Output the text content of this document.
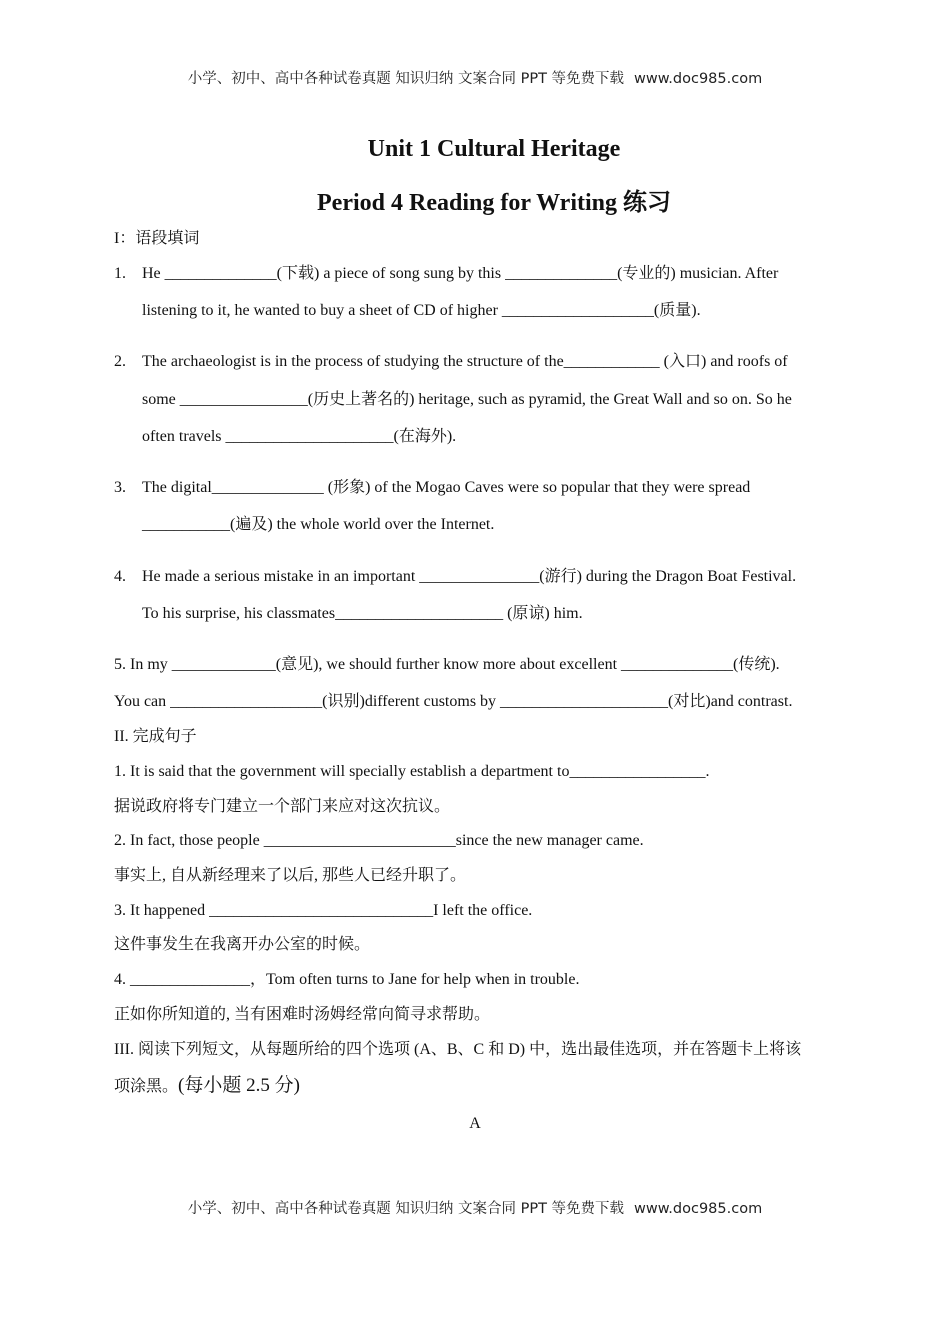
小学、初中、高中各种试卷真题 知识归纳 文案合同 PPT 等免费下载 www.doc985.com
Unit 1 Cultural Heritage
Period 4 Reading for Writing 练习
I：语段填词
1. He ______________(下载) a piece of song sung by this ______________(专业的) musician. After
listening to it, he wanted to buy a sheet of CD of higher ___________________(质量).
2. The archaeologist is in the process of studying the structure of the____________ (入口) and roofs of
some ________________(历史上著名的) heritage, such as pyramid, the Great Wall and so on. So he
often travels _____________________(在海外).
3. The digital______________ (形象) of the Mogao Caves were so popular that they were spread
___________(遍及) the whole world over the Internet.
4. He made a serious mistake in an important _______________(游行) during the Dragon Boat Festival.
To his surprise, his classmates_____________________ (原谅) him.
5. In my _____________(意见), we should further know more about excellent ______________(传统).
You can ___________________(识别)different customs by _____________________(对比)and contrast.
II. 完成句子
1. It is said that the government will specially establish a department to_________________.
据说政府将专门建立一个部门来应对这次抗议。
2. In fact, those people ________________________since the new manager came.
事实上, 自从新经理来了以后, 那些人已经升职了。
3. It happened ____________________________I left the office.
这件事发生在我离开办公室的时候。
4. _______________，Tom often turns to Jane for help when in trouble.
正如你所知道的, 当有困难时汤姆经常向简寻求帮助。
III. 阅读下列短文，从每题所给的四个选项 (A、B、C 和 D) 中，选出最佳选项，并在答题卡上将该
项涂黑。(每小题 2.5 分)
A
小学、初中、高中各种试卷真题 知识归纳 文案合同 PPT 等免费下载 www.doc985.com
